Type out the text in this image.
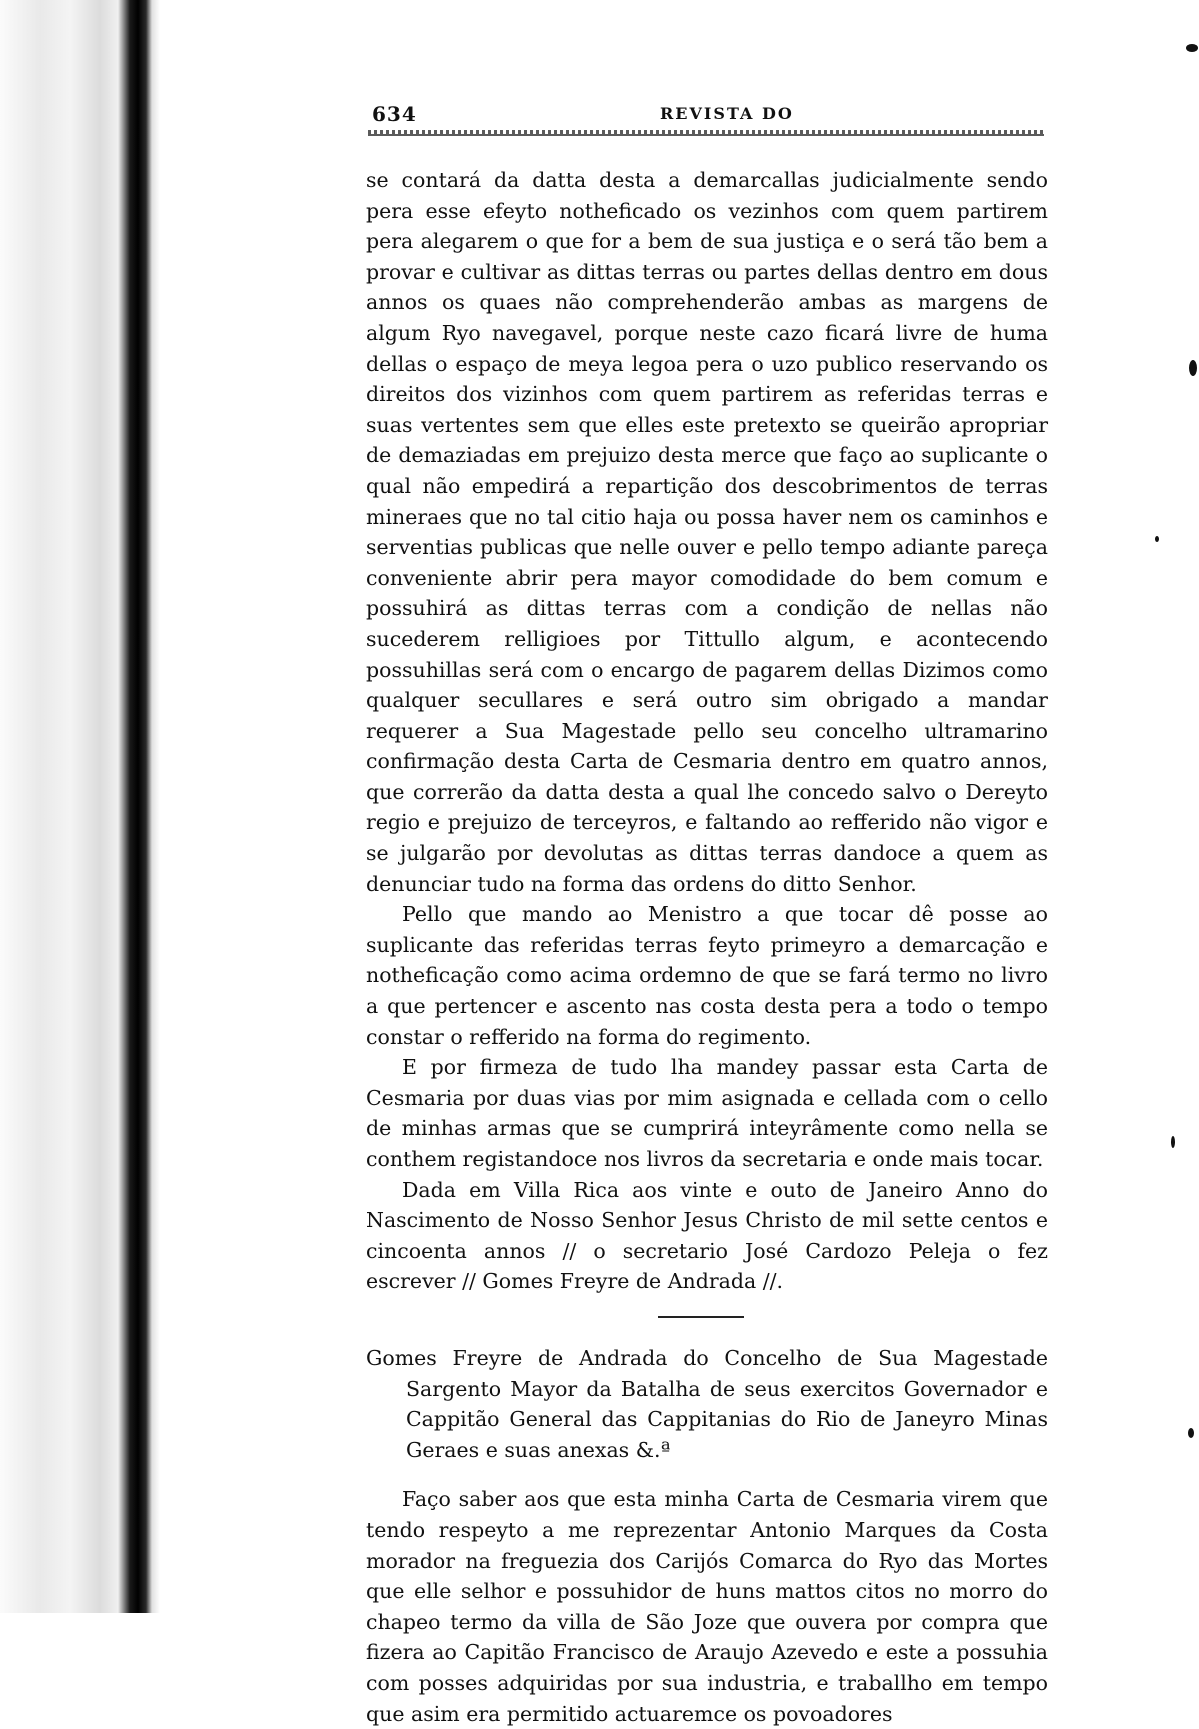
634	REVISTA DO

se contará da datta desta a demarcallas judicialmente sendo pera esse efeyto notheficado os vezinhos com quem partirem pera alegarem o que for a bem de sua justiça e o será tão bem a provar e cultivar as dittas terras ou partes dellas dentro em dous annos os quaes não comprehenderão ambas as margens de algum Ryo navegavel, porque neste cazo ficará livre de huma dellas o espaço de meya legoa pera o uzo publico reservando os direitos dos vizinhos com quem partirem as referidas terras e suas vertentes sem que elles este pretexto se queirão apropriar de demaziadas em prejuizo desta merce que faço ao suplicante o qual não empedirá a repartição dos descobrimentos de terras mineraes que no tal citio haja ou possa haver nem os caminhos e serventias publicas que nelle ouver e pello tempo adiante pareça conveniente abrir pera mayor comodidade do bem comum e possuhirá as dittas terras com a condição de nellas não sucederem relligioes por Tittullo algum, e acontecendo possuhillas será com o encargo de pagarem dellas Dizimos como qualquer secullares e será outro sim obrigado a mandar requerer a Sua Magestade pello seu concelho ultramarino confirmação desta Carta de Cesmaria dentro em quatro annos, que correrão da datta desta a qual lhe concedo salvo o Dereyto regio e prejuizo de terceyros, e faltando ao refferido não vigor e se julgarão por devolutas as dittas terras dandoce a quem as denunciar tudo na forma das ordens do ditto Senhor.

Pello que mando ao Menistro a que tocar dê posse ao suplicante das referidas terras feyto primeyro a demarcação e notheficação como acima ordemno de que se fará termo no livro a que pertencer e ascento nas costa desta pera a todo o tempo constar o refferido na forma do regimento.

E por firmeza de tudo lha mandey passar esta Carta de Cesmaria por duas vias por mim asignada e cellada com o cello de minhas armas que se cumprirá inteyrâmente como nella se conthem registandoce nos livros da secretaria e onde mais tocar.

Dada em Villa Rica aos vinte e outo de Janeiro Anno do Nascimento de Nosso Senhor Jesus Christo de mil sette centos e cincoenta annos // o secretario José Cardozo Peleja o fez escrever // Gomes Freyre de Andrada //.

Gomes Freyre de Andrada do Concelho de Sua Magestade Sargento Mayor da Batalha de seus exercitos Governador e Cappitão General das Cappitanias do Rio de Janeyro Minas Geraes e suas anexas &.ª

Faço saber aos que esta minha Carta de Cesmaria virem que tendo respeyto a me reprezentar Antonio Marques da Costa morador na freguezia dos Carijós Comarca do Ryo das Mortes que elle selhor e possuhidor de huns mattos citos no morro do chapeo termo da villa de São Joze que ouvera por compra que fizera ao Capitão Francisco de Araujo Azevedo e este a possuhia com posses adquiridas por sua industria, e traballho em tempo que asim era permitido actuaremce os povoadores
